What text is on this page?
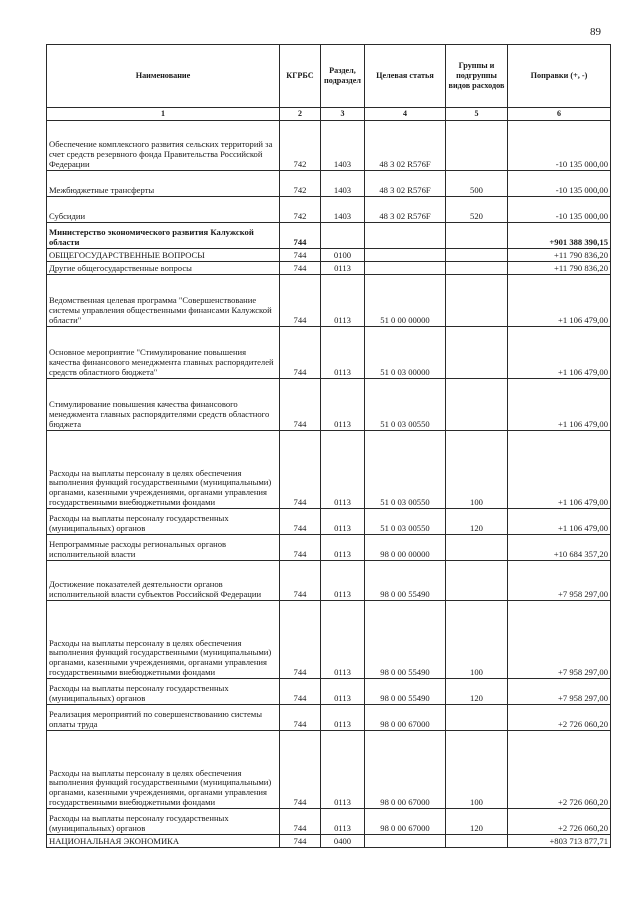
89
Наименование	КГРБС	Раздел, подраздел	Целевая статья	Группы и подгруппы видов расходов	Поправки (+, -)
1	2	3	4	5	6
Обеспечение комплексного развития сельских территорий за счет средств резервного фонда Правительства Российской Федерации	742	1403	48 3 02 R576F		-10 135 000,00
Межбюджетные трансферты	742	1403	48 3 02 R576F	500	-10 135 000,00
Субсидии	742	1403	48 3 02 R576F	520	-10 135 000,00
Министерство экономического развития Калужской области	744				+901 388 390,15
ОБЩЕГОСУДАРСТВЕННЫЕ ВОПРОСЫ	744	0100			+11 790 836,20
Другие общегосударственные вопросы	744	0113			+11 790 836,20
Ведомственная целевая программа "Совершенствование системы управления общественными финансами Калужской области"	744	0113	51 0 00 00000		+1 106 479,00
Основное мероприятие "Стимулирование повышения качества финансового менеджмента главных распорядителей средств областного бюджета"	744	0113	51 0 03 00000		+1 106 479,00
Стимулирование повышения качества финансового менеджмента главных распорядителями средств областного бюджета	744	0113	51 0 03 00550		+1 106 479,00
Расходы на выплаты персоналу в целях обеспечения выполнения функций государственными (муниципальными) органами, казенными учреждениями, органами управления государственными внебюджетными фондами	744	0113	51 0 03 00550	100	+1 106 479,00
Расходы на выплаты персоналу государственных (муниципальных) органов	744	0113	51 0 03 00550	120	+1 106 479,00
Непрограммные расходы региональных органов исполнительной власти	744	0113	98 0 00 00000		+10 684 357,20
Достижение показателей деятельности органов исполнительной власти субъектов Российской Федерации	744	0113	98 0 00 55490		+7 958 297,00
Расходы на выплаты персоналу в целях обеспечения выполнения функций государственными (муниципальными) органами, казенными учреждениями, органами управления государственными внебюджетными фондами	744	0113	98 0 00 55490	100	+7 958 297,00
Расходы на выплаты персоналу государственных (муниципальных) органов	744	0113	98 0 00 55490	120	+7 958 297,00
Реализация мероприятий по совершенствованию системы оплаты труда	744	0113	98 0 00 67000		+2 726 060,20
Расходы на выплаты персоналу в целях обеспечения выполнения функций государственными (муниципальными) органами, казенными учреждениями, органами управления государственными внебюджетными фондами	744	0113	98 0 00 67000	100	+2 726 060,20
Расходы на выплаты персоналу государственных (муниципальных) органов	744	0113	98 0 00 67000	120	+2 726 060,20
НАЦИОНАЛЬНАЯ ЭКОНОМИКА	744	0400			+803 713 877,71
